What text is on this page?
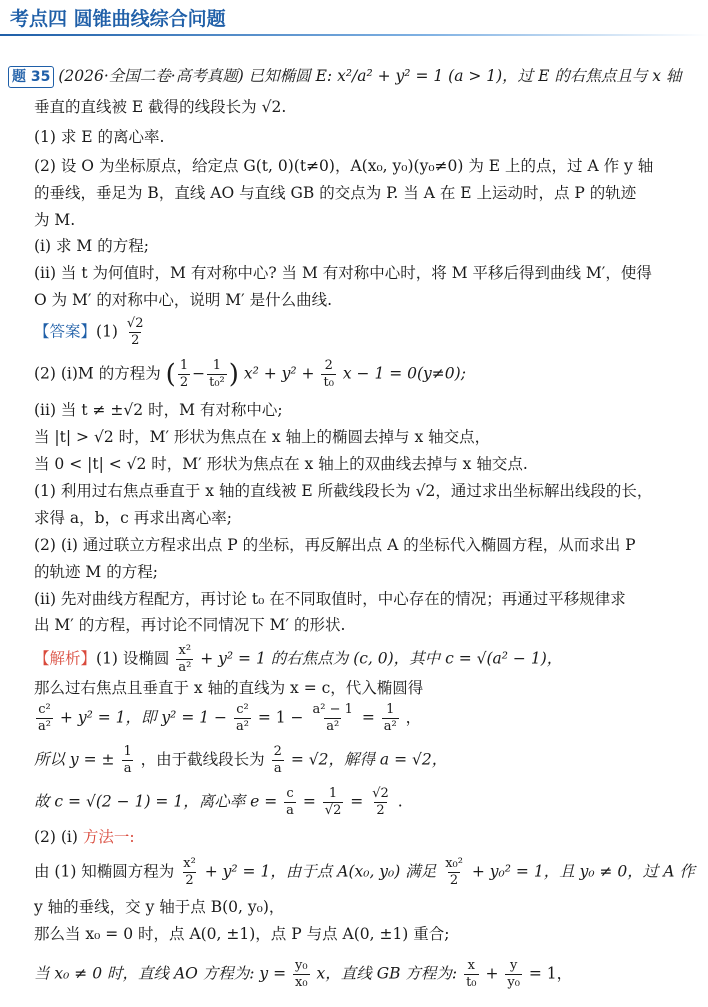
考点四 圆锥曲线综合问题
题 35 (2026·全国二卷·高考真题) 已知椭圆 E: x²/a² + y² = 1 (a > 1)，过 E 的右焦点且与 x 轴
垂直的直线被 E 截得的线段长为 √2.
(1) 求 E 的离心率.
(2) 设 O 为坐标原点，给定点 G(t, 0)(t≠0)，A(x₀, y₀)(y₀≠0) 为 E 上的点，过 A 作 y 轴
的垂线，垂足为 B，直线 AO 与直线 GB 的交点为 P. 当 A 在 E 上运动时，点 P 的轨迹
为 M.
(i) 求 M 的方程;
(ii) 当 t 为何值时，M 有对称中心? 当 M 有对称中心时，将 M 平移后得到曲线 M′，使得
O 为 M′ 的对称中心，说明 M′ 是什么曲线.
【答案】$(1) \frac{√2}{2}$
(2) (i)M 的方程为 ( $\frac{1}{2} - \frac{1}{\text{t₀²}}$ ) $x^2 + y^2 + \frac{2}{\text{t₀}}$ x − 1 = 0(y≠0);
(ii) 当 t ≠ ±√2 时，M 有对称中心;
当 |t| > √2 时，M′ 形状为焦点在 x 轴上的椭圆去掉与 x 轴交点，
当 0 < |t| < √2 时，M′ 形状为焦点在 x 轴上的双曲线去掉与 x 轴交点.
(1) 利用过右焦点垂直于 x 轴的直线被 E 所截线段长为 √2，通过求出坐标解出线段的长，
求得 a，b，c 再求出离心率;
(2) (i) 通过联立方程求出点 P 的坐标，再反解出点 A 的坐标代入椭圆方程，从而求出 P
的轨迹 M 的方程;
(ii) 先对曲线方程配方，再讨论 t₀ 在不同取值时，中心存在的情况；再通过平移规律求
出 M′ 的方程，再讨论不同情况下 M′ 的形状.
【解析】(1) 设椭圆 $\frac{\text{x²}}{\text{a²}} + y^2 = 1$ 的右焦点为 (c, 0)，其中 c = √(a² − 1)，
那么过右焦点且垂直于 x 轴的直线为 x = c，代入椭圆得
$\frac{\text{c²}}{\text{a²}} + y^2 = 1$，即 $y^2 = 1 - \frac{\text{c²}}{\text{a²}} = 1 - \frac{\text{a² − 1}}{\text{a²}} = \frac{1}{\text{a²}}$ ，
所以 y = ± $\frac{1}{a}$ ，由于截线段长为 $\frac{2}{a} = √2$，解得 a = √2，
故 c = √(2 − 1) = 1，离心率 $e = \frac{c}{a} = \frac{1}{√2} = \frac{√2}{2}$ .
(2) (i) 方法一:
由 (1) 知椭圆方程为 $\frac{\text{x²}}{2} + y^2 = 1$，由于点 A(x₀, y₀) 满足 $\frac{\text{x₀²}}{2} + y_0^2 = 1$，且 y₀ ≠ 0，过 A 作
y 轴的垂线，交 y 轴于点 B(0, y₀)，
那么当 x₀ = 0 时，点 A(0, ±1)，点 P 与点 A(0, ±1) 重合;
当 x₀ ≠ 0 时，直线 AO 方程为: $y = \frac{\text{y₀}}{\text{x₀}}$ x，直线 GB 方程为: $\frac{x}{\text{t₀}} + \frac{y}{\text{y₀}} = 1$，
